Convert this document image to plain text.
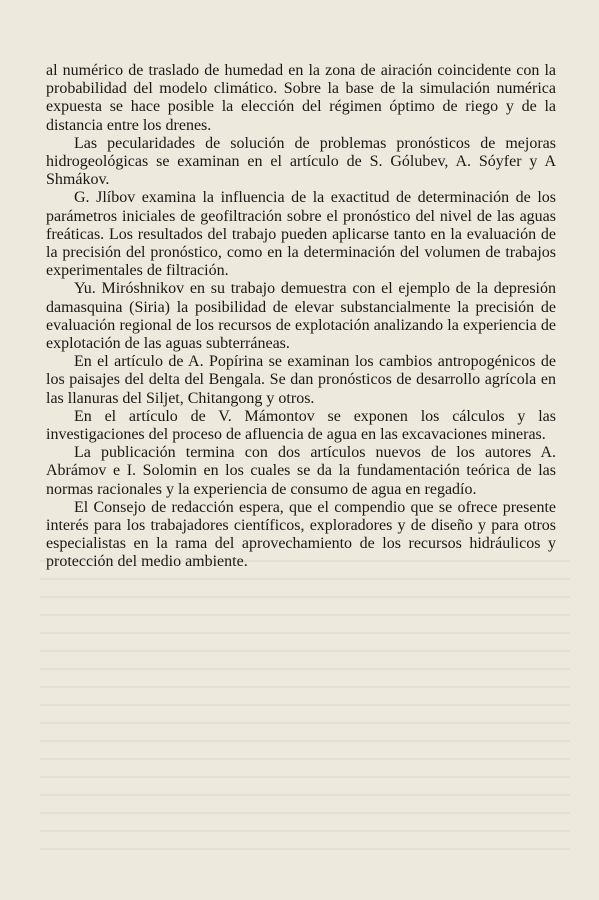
al numérico de traslado de humedad en la zona de airación coincidente con la probabilidad del modelo climático. Sobre la base de la simulación numérica expuesta se hace posible la elección del régimen óptimo de riego y de la distancia entre los drenes.

Las pecularidades de solución de problemas pronósticos de mejoras hidrogeológicas se examinan en el artículo de S. Gólubev, A. Sóyfer y A Shmákov.

G. Jlíbov examina la influencia de la exactitud de determinación de los parámetros iniciales de geofiltración sobre el pronóstico del nivel de las aguas freáticas. Los resultados del trabajo pueden aplicarse tanto en la evaluación de la precisión del pronóstico, como en la determinación del volumen de trabajos experimentales de filtración.

Yu. Miróshnikov en su trabajo demuestra con el ejemplo de la depresión damasquina (Siria) la posibilidad de elevar substancialmente la precisión de evaluación regional de los recursos de explotación analizando la experiencia de explotación de las aguas subterráneas.

En el artículo de A. Popírina se examinan los cambios antropogénicos de los paisajes del delta del Bengala. Se dan pronósticos de desarrollo agrícola en las llanuras del Siljet, Chitangong y otros.

En el artículo de V. Mámontov se exponen los cálculos y las investigaciones del proceso de afluencia de agua en las excavaciones mineras.

La publicación termina con dos artículos nuevos de los autores A. Abrámov e I. Solomin en los cuales se da la fundamentación teórica de las normas racionales y la experiencia de consumo de agua en regadío.

El Consejo de redacción espera, que el compendio que se ofrece presente interés para los trabajadores científicos, exploradores y de diseño y para otros especialistas en la rama del aprovechamiento de los recursos hidráulicos y protección del medio ambiente.
